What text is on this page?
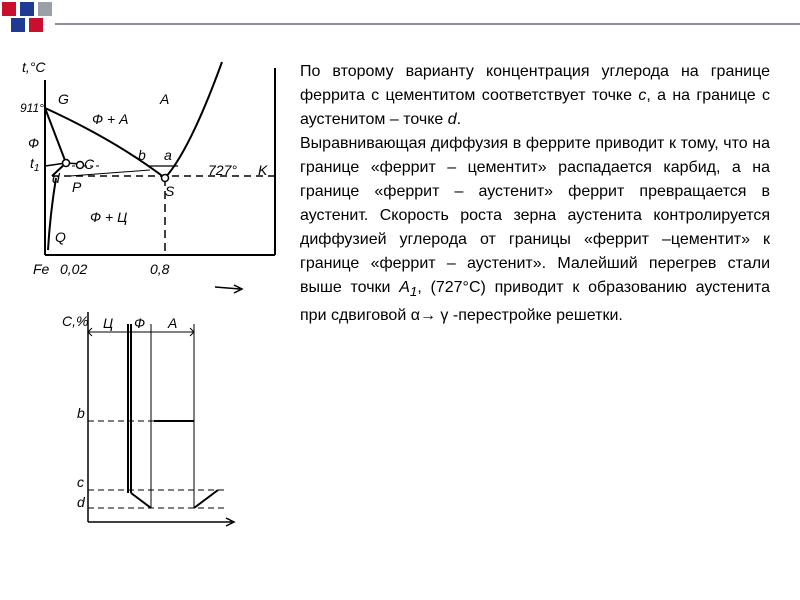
t,°C
911°
G
Ф
Ф + А
А
$t_1$
d
C
b a
727° K
P	S
Ф + Ц
Q
Fe 0,02	0,8
C,% Ц Ф А
b
c
d

По второму варианту концентрация углерода на границе феррита с цементитом соответствует точке с, а на границе с аустенитом – точке d.

Выравнивающая диффузия в феррите приводит к тому, что на границе «феррит – цементит» распадается карбид, а на границе «феррит – аустенит» феррит превращается в аустенит. Скорость роста зерна аустенита контролируется диффузией углерода от границы «феррит –цементит» к границе «феррит – аустенит». Малейший перегрев стали выше точки $А_1$, (727°С) приводит к образованию аустенита при сдвиговой α→ γ -перестройке решетки.
